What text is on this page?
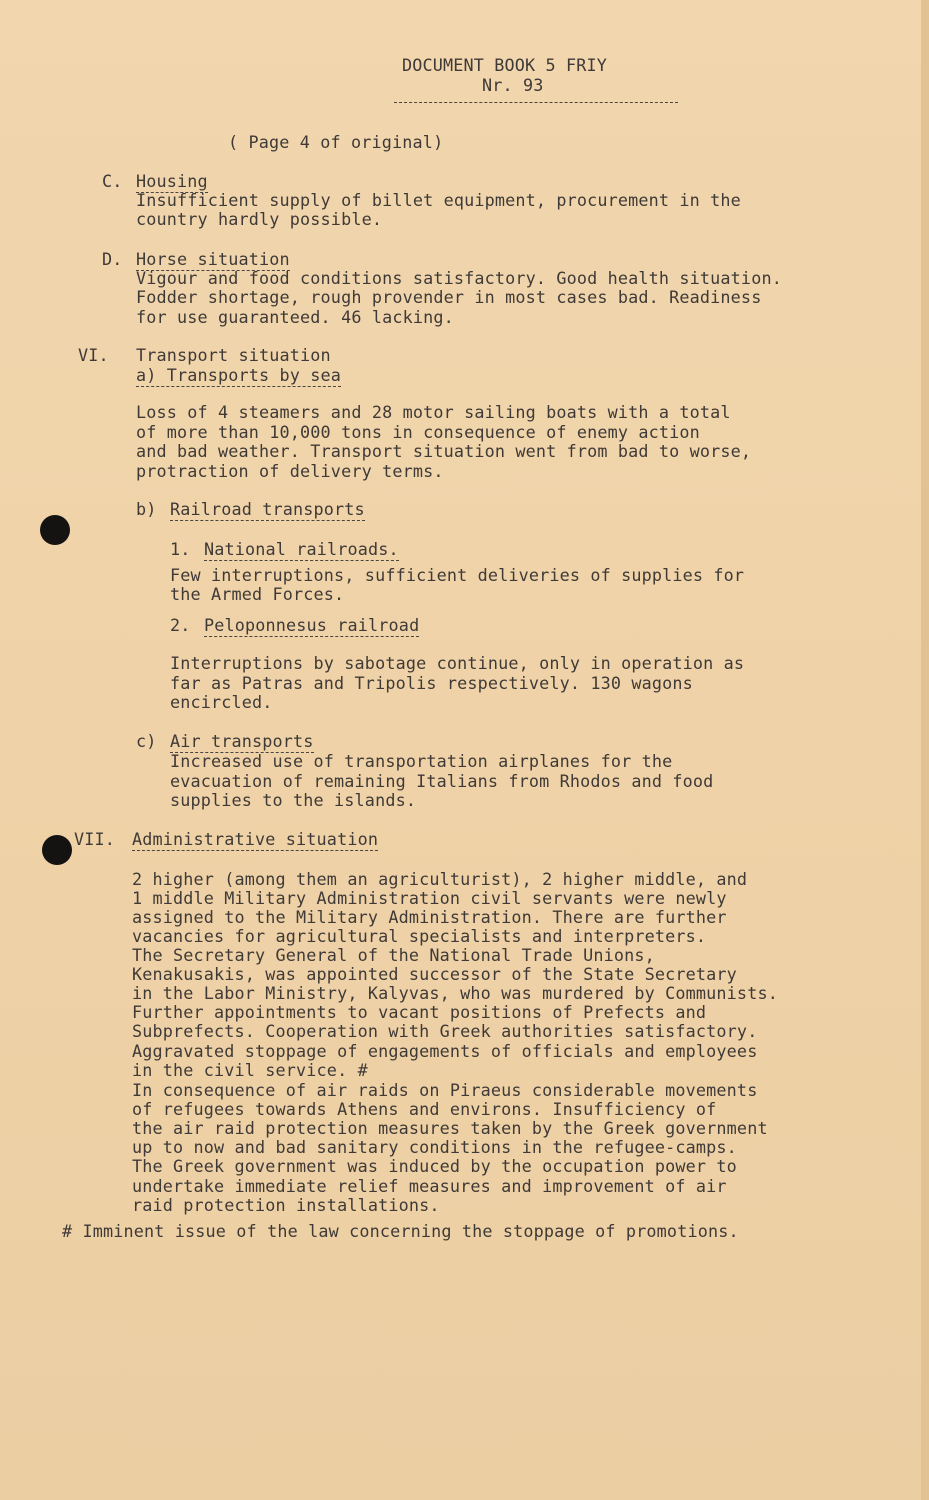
DOCUMENT BOOK 5 FRIY
Nr. 93
( Page 4 of original)
C. Housing
Insufficient supply of billet equipment, procurement in the
country hardly possible.
D. Horse situation
Vigour and food conditions satisfactory. Good health situation.
Fodder shortage, rough provender in most cases bad. Readiness
for use guaranteed. 46 lacking.
VI. Transport situation
a) Transports by sea
Loss of 4 steamers and 28 motor sailing boats with a total
of more than 10,000 tons in consequence of enemy action
and bad weather. Transport situation went from bad to worse,
protraction of delivery terms.
b) Railroad transports
1. National railroads.
Few interruptions, sufficient deliveries of supplies for
the Armed Forces.
2. Peloponnesus railroad
Interruptions by sabotage continue, only in operation as
far as Patras and Tripolis respectively. 130 wagons
encircled.
c) Air transports
Increased use of transportation airplanes for the
evacuation of remaining Italians from Rhodos and food
supplies to the islands.
VII. Administrative situation
2 higher (among them an agriculturist), 2 higher middle, and
1 middle Military Administration civil servants were newly
assigned to the Military Administration. There are further
vacancies for agricultural specialists and interpreters.
The Secretary General of the National Trade Unions,
Kenakusakis, was appointed successor of the State Secretary
in the Labor Ministry, Kalyvas, who was murdered by Communists.
Further appointments to vacant positions of Prefects and
Subprefects. Cooperation with Greek authorities satisfactory.
Aggravated stoppage of engagements of officials and employees
in the civil service. #
In consequence of air raids on Piraeus considerable movements
of refugees towards Athens and environs. Insufficiency of
the air raid protection measures taken by the Greek government
up to now and bad sanitary conditions in the refugee-camps.
The Greek government was induced by the occupation power to
undertake immediate relief measures and improvement of air
raid protection installations.
# Imminent issue of the law concerning the stoppage of promotions.
